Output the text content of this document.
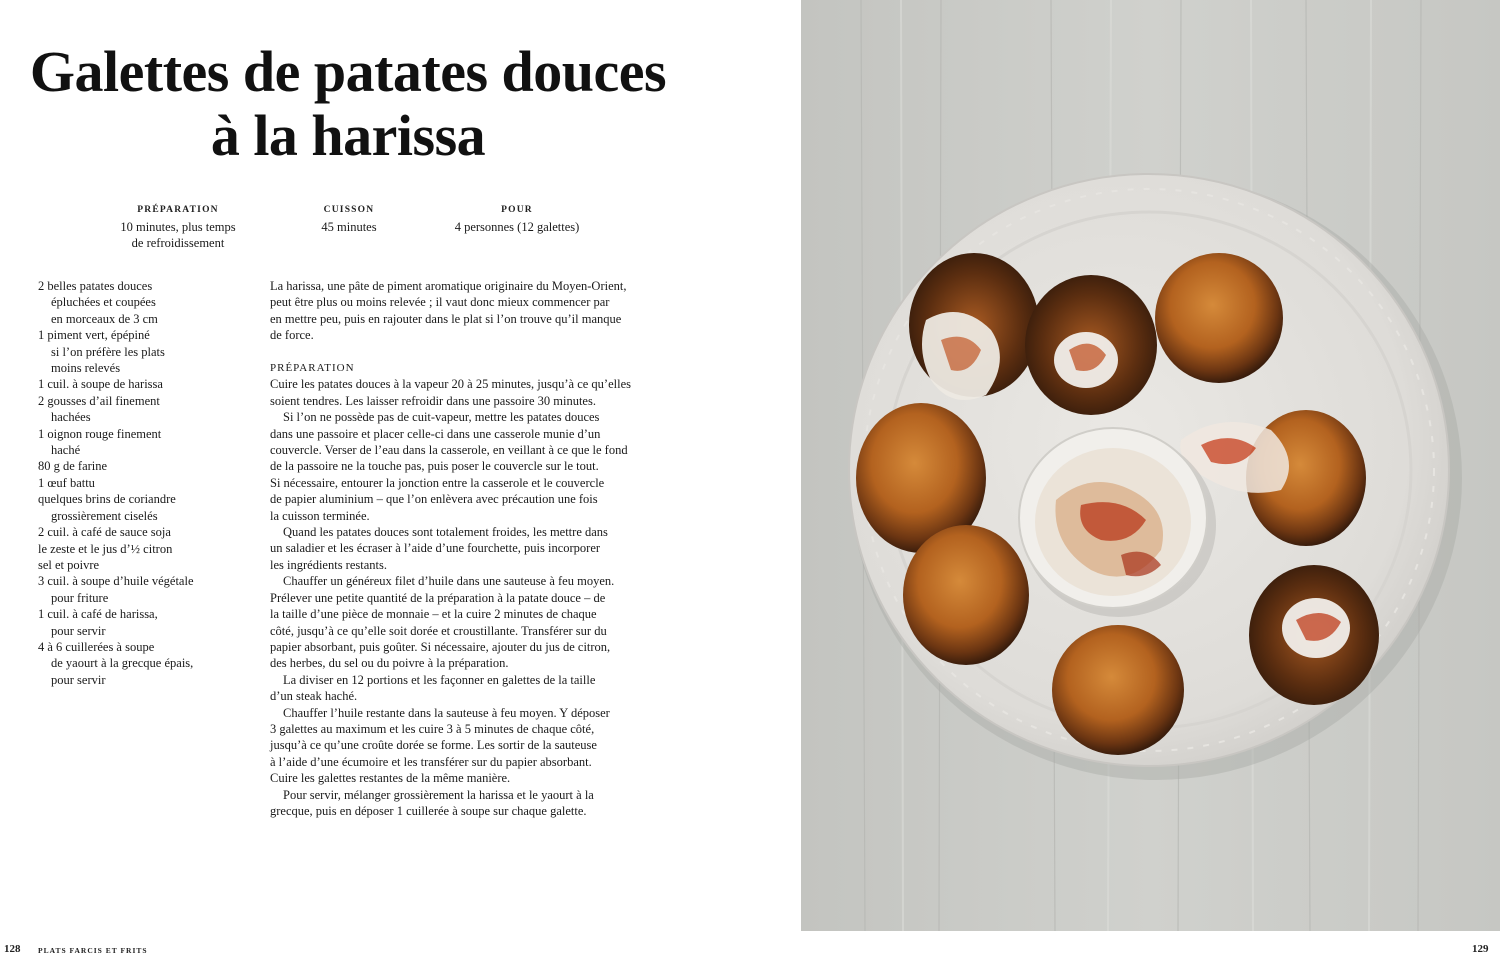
Galettes de patates douces
à la harissa
PRÉPARATION
10 minutes, plus temps
de refroidissement
CUISSON
45 minutes
POUR
4 personnes (12 galettes)
2 belles patates douces
épluchées et coupées
en morceaux de 3 cm
1 piment vert, épépiné
si l’on préfère les plats
moins relevés
1 cuil. à soupe de harissa
2 gousses d’ail finement
hachées
1 oignon rouge finement
haché
80 g de farine
1 œuf battu
quelques brins de coriandre
grossièrement ciselés
2 cuil. à café de sauce soja
le zeste et le jus d’½ citron
sel et poivre
3 cuil. à soupe d’huile végétale
pour friture
1 cuil. à café de harissa,
pour servir
4 à 6 cuillerées à soupe
de yaourt à la grecque épais,
pour servir
La harissa, une pâte de piment aromatique originaire du Moyen-Orient,
peut être plus ou moins relevée ; il vaut donc mieux commencer par
en mettre peu, puis en rajouter dans le plat si l’on trouve qu’il manque
de force.
PRÉPARATION
Cuire les patates douces à la vapeur 20 à 25 minutes, jusqu’à ce qu’elles
soient tendres. Les laisser refroidir dans une passoire 30 minutes.
Si l’on ne possède pas de cuit-vapeur, mettre les patates douces
dans une passoire et placer celle-ci dans une casserole munie d’un
couvercle. Verser de l’eau dans la casserole, en veillant à ce que le fond
de la passoire ne la touche pas, puis poser le couvercle sur le tout.
Si nécessaire, entourer la jonction entre la casserole et le couvercle
de papier aluminium – que l’on enlèvera avec précaution une fois
la cuisson terminée.
Quand les patates douces sont totalement froides, les mettre dans
un saladier et les écraser à l’aide d’une fourchette, puis incorporer
les ingrédients restants.
Chauffer un généreux filet d’huile dans une sauteuse à feu moyen.
Prélever une petite quantité de la préparation à la patate douce – de
la taille d’une pièce de monnaie – et la cuire 2 minutes de chaque
côté, jusqu’à ce qu’elle soit dorée et croustillante. Transférer sur du
papier absorbant, puis goûter. Si nécessaire, ajouter du jus de citron,
des herbes, du sel ou du poivre à la préparation.
La diviser en 12 portions et les façonner en galettes de la taille
d’un steak haché.
Chauffer l’huile restante dans la sauteuse à feu moyen. Y déposer
3 galettes au maximum et les cuire 3 à 5 minutes de chaque côté,
jusqu’à ce qu’une croûte dorée se forme. Les sortir de la sauteuse
à l’aide d’une écumoire et les transférer sur du papier absorbant.
Cuire les galettes restantes de la même manière.
Pour servir, mélanger grossièrement la harissa et le yaourt à la
grecque, puis en déposer 1 cuillerée à soupe sur chaque galette.
128 PLATS FARCIS ET FRITS	129
